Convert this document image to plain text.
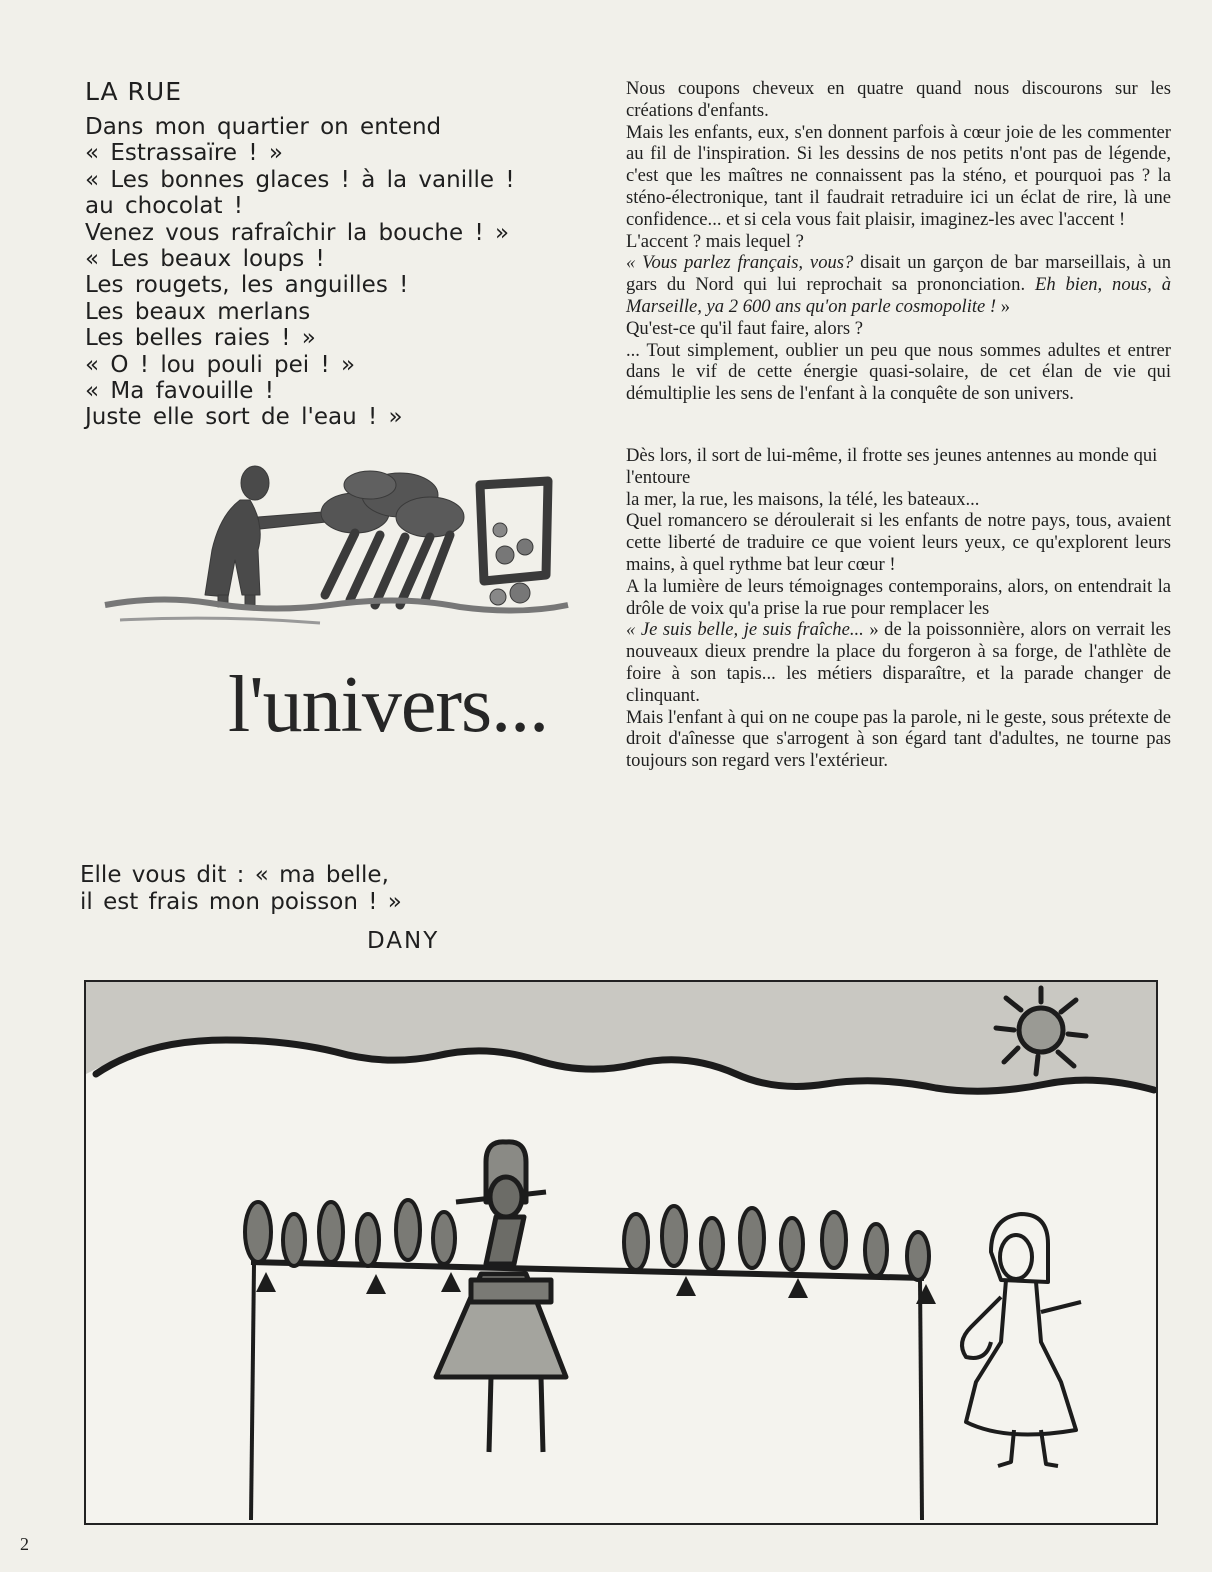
LA RUE
Dans mon quartier on entend
« Estrassaïre ! »
« Les bonnes glaces ! à la vanille !
au chocolat !
Venez vous rafraîchir la bouche ! »
« Les beaux loups !
Les rougets, les anguilles !
Les beaux merlans
Les belles raies ! »
« O ! lou pouli pei ! »
« Ma favouille !
Juste elle sort de l'eau ! »
l'univers...
Elle vous dit : « ma belle,
il est frais mon poisson ! »
DANY

Nous coupons cheveux en quatre quand nous discourons sur les créations d'enfants.

Mais les enfants, eux, s'en donnent parfois à cœur joie de les commenter au fil de l'inspiration. Si les dessins de nos petits n'ont pas de légende, c'est que les maîtres ne connaissent pas la sténo, et pourquoi pas ? la sténo-électronique, tant il faudrait retraduire ici un éclat de rire, là une confidence... et si cela vous fait plaisir, imaginez-les avec l'accent !

L'accent ? mais lequel ?

« Vous parlez français, vous? disait un garçon de bar marseillais, à un gars du Nord qui lui reprochait sa prononciation. Eh bien, nous, à Marseille, ya 2 600 ans qu'on parle cosmopolite ! »

Qu'est-ce qu'il faut faire, alors ?

... Tout simplement, oublier un peu que nous sommes adultes et entrer dans le vif de cette énergie quasi-solaire, de cet élan de vie qui démultiplie les sens de l'enfant à la conquête de son univers.

Dès lors, il sort de lui-même, il frotte ses jeunes antennes au monde qui l'entoure

la mer, la rue, les maisons, la télé, les bateaux...

Quel romancero se déroulerait si les enfants de notre pays, tous, avaient cette liberté de traduire ce que voient leurs yeux, ce qu'explorent leurs mains, à quel rythme bat leur cœur !

A la lumière de leurs témoignages contemporains, alors, on entendrait la drôle de voix qu'a prise la rue pour remplacer les

« Je suis belle, je suis fraîche... » de la poissonnière, alors on verrait les nouveaux dieux prendre la place du forgeron à sa forge, de l'athlète de foire à son tapis... les métiers disparaître, et la parade changer de clinquant.

Mais l'enfant à qui on ne coupe pas la parole, ni le geste, sous prétexte de droit d'aînesse que s'arrogent à son égard tant d'adultes, ne tourne pas toujours son regard vers l'extérieur.

2
